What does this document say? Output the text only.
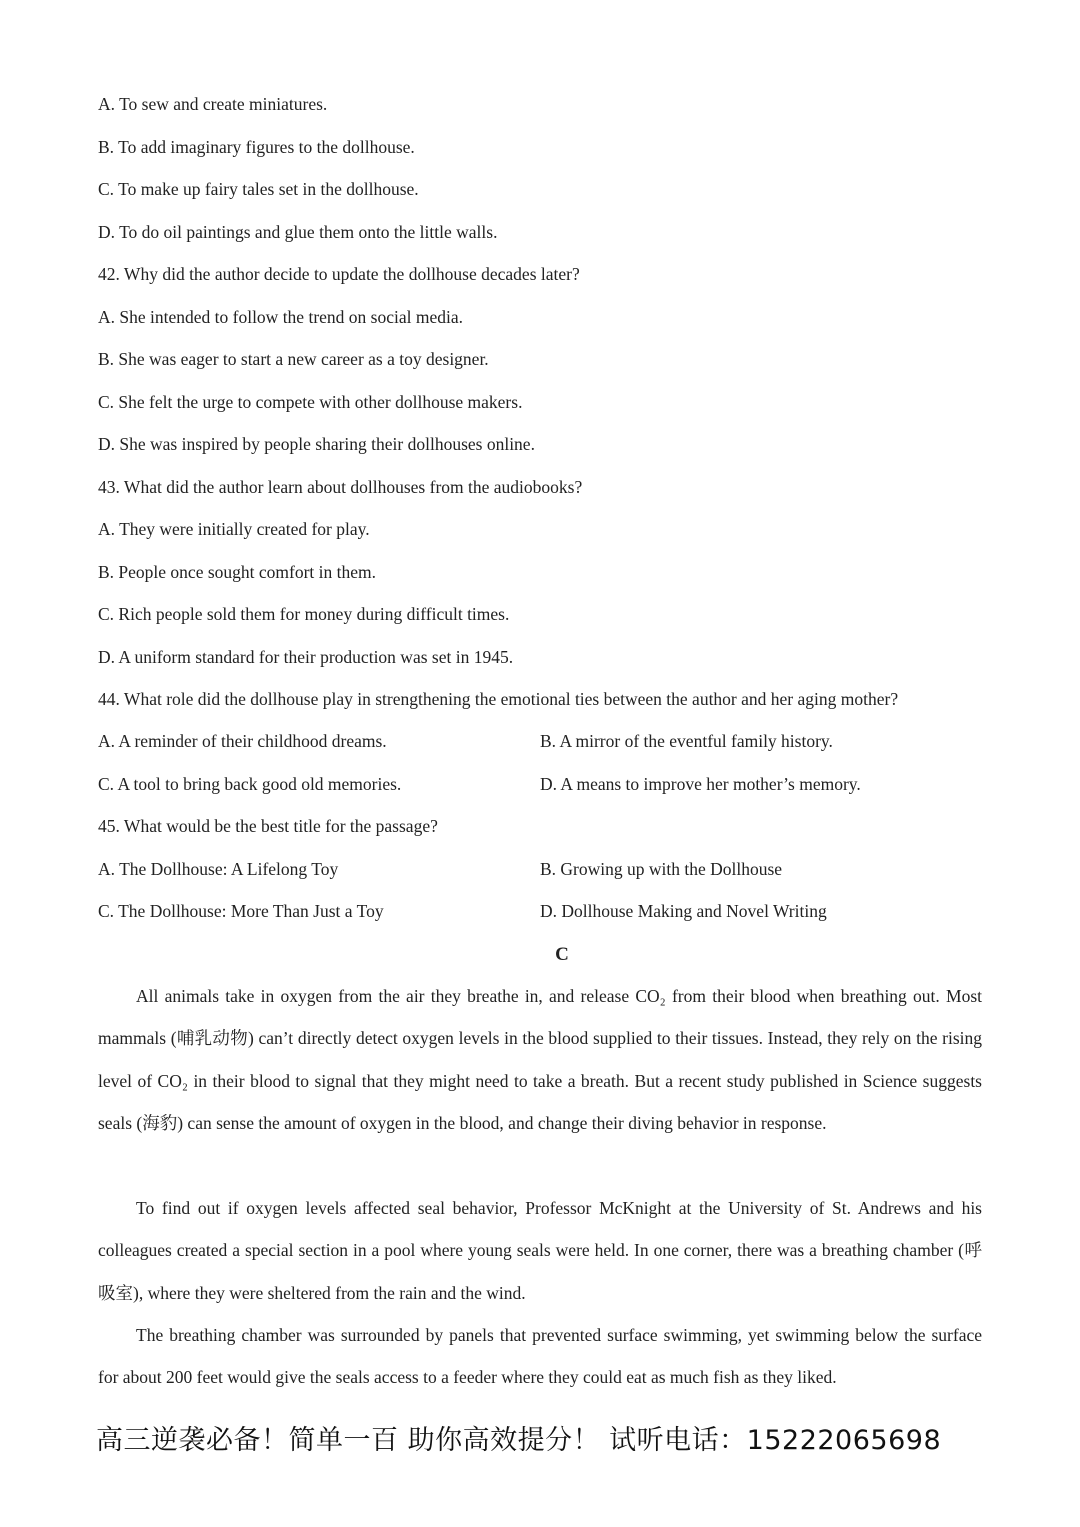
A. To sew and create miniatures.
B. To add imaginary figures to the dollhouse.
C. To make up fairy tales set in the dollhouse.
D. To do oil paintings and glue them onto the little walls.
42. Why did the author decide to update the dollhouse decades later?
A. She intended to follow the trend on social media.
B. She was eager to start a new career as a toy designer.
C. She felt the urge to compete with other dollhouse makers.
D. She was inspired by people sharing their dollhouses online.
43. What did the author learn about dollhouses from the audiobooks?
A. They were initially created for play.
B. People once sought comfort in them.
C. Rich people sold them for money during difficult times.
D. A uniform standard for their production was set in 1945.
44. What role did the dollhouse play in strengthening the emotional ties between the author and her aging mother?
A. A reminder of their childhood dreams.	B. A mirror of the eventful family history.
C. A tool to bring back good old memories.	D. A means to improve her mother’s memory.
45. What would be the best title for the passage?
A. The Dollhouse: A Lifelong Toy	B. Growing up with the Dollhouse
C. The Dollhouse: More Than Just a Toy	D. Dollhouse Making and Novel Writing
C

All animals take in oxygen from the air they breathe in, and release CO₂ from their blood when breathing out. Most mammals (哺乳动物) can’t directly detect oxygen levels in the blood supplied to their tissues. Instead, they rely on the rising level of CO₂ in their blood to signal that they might need to take a breath. But a recent study published in Science suggests seals (海豹) can sense the amount of oxygen in the blood, and change their diving behavior in response.

To find out if oxygen levels affected seal behavior, Professor McKnight at the University of St. Andrews and his colleagues created a special section in a pool where young seals were held. In one corner, there was a breathing chamber (呼吸室), where they were sheltered from the rain and the wind.

The breathing chamber was surrounded by panels that prevented surface swimming, yet swimming below the surface for about 200 feet would give the seals access to a feeder where they could eat as much fish as they liked.

高三逆袭必备！简单一百 助你高效提分！ 试听电话：15222065698
